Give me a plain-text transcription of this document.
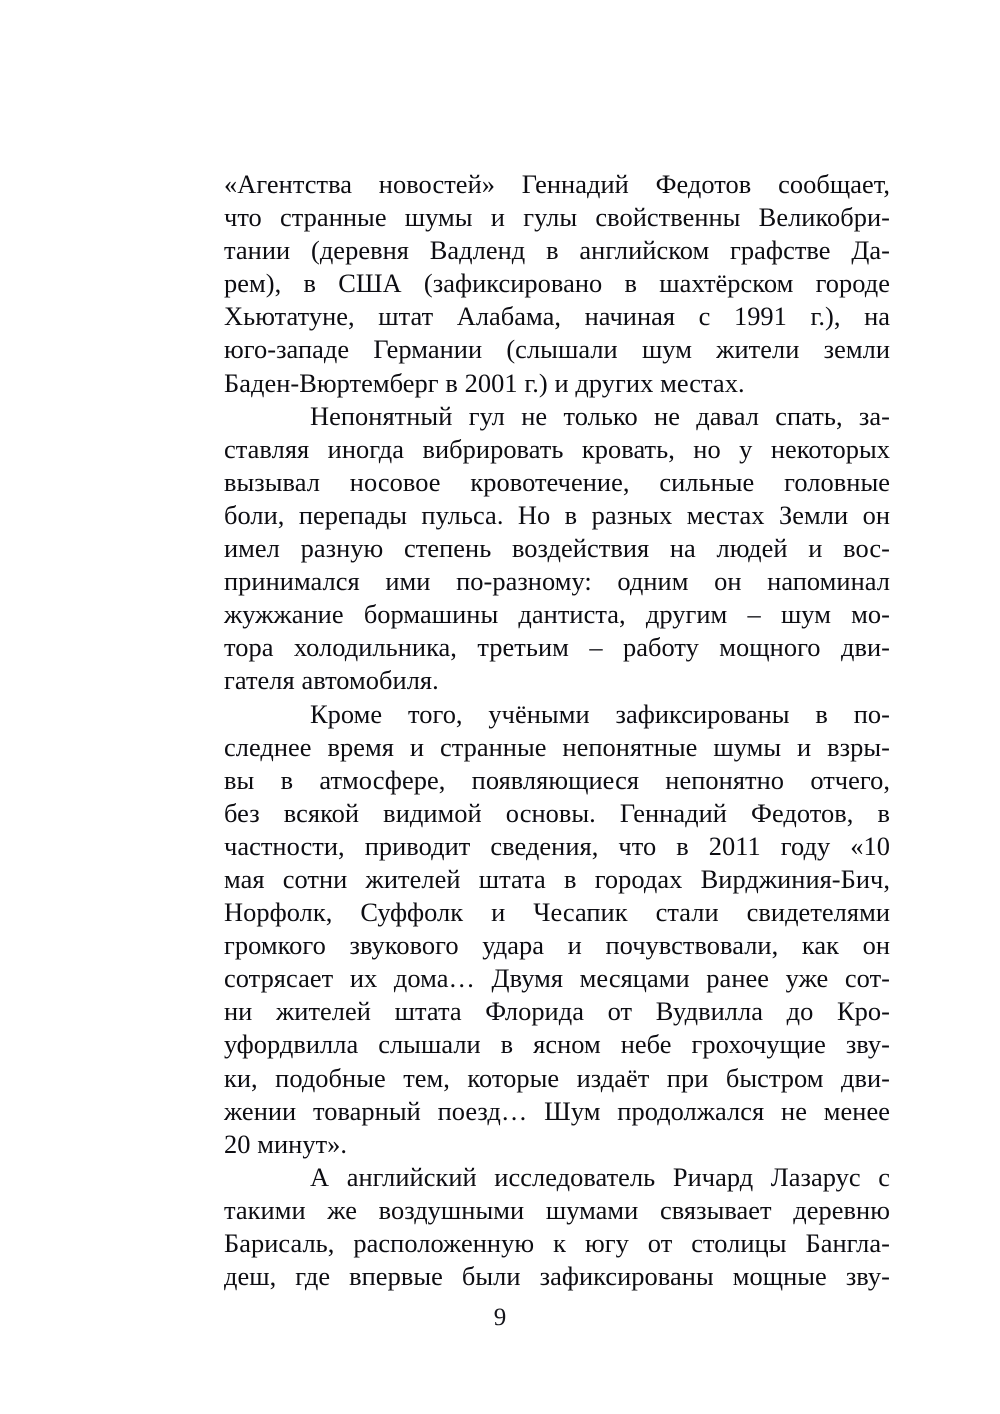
«Агентства новостей» Геннадий Федотов сообщает,
что странные шумы и гулы свойственны Великобри-
тании (деревня Вадленд в английском графстве Да-
рем), в США (зафиксировано в шахтёрском городе
Хьютатуне, штат Алабама, начиная с 1991 г.), на
юго-западе Германии (слышали шум жители земли
Баден-Вюртемберг в 2001 г.) и других местах.

Непонятный гул не только не давал спать, за-
ставляя иногда вибрировать кровать, но у некоторых
вызывал носовое кровотечение, сильные головные
боли, перепады пульса. Но в разных местах Земли он
имел разную степень воздействия на людей и вос-
принимался ими по-разному: одним он напоминал
жужжание бормашины дантиста, другим – шум мо-
тора холодильника, третьим – работу мощного дви-
гателя автомобиля.

Кроме того, учёными зафиксированы в по-
следнее время и странные непонятные шумы и взры-
вы в атмосфере, появляющиеся непонятно отчего,
без всякой видимой основы. Геннадий Федотов, в
частности, приводит сведения, что в 2011 году «10
мая сотни жителей штата в городах Вирджиния-Бич,
Норфолк, Суффолк и Чесапик стали свидетелями
громкого звукового удара и почувствовали, как он
сотрясает их дома… Двумя месяцами ранее уже сот-
ни жителей штата Флорида от Вудвилла до Кро-
уфордвилла слышали в ясном небе грохочущие зву-
ки, подобные тем, которые издаёт при быстром дви-
жении товарный поезд… Шум продолжался не менее
20 минут».

А английский исследователь Ричард Лазарус с
такими же воздушными шумами связывает деревню
Барисаль, расположенную к югу от столицы Бангла-
деш, где впервые были зафиксированы мощные зву-

9
